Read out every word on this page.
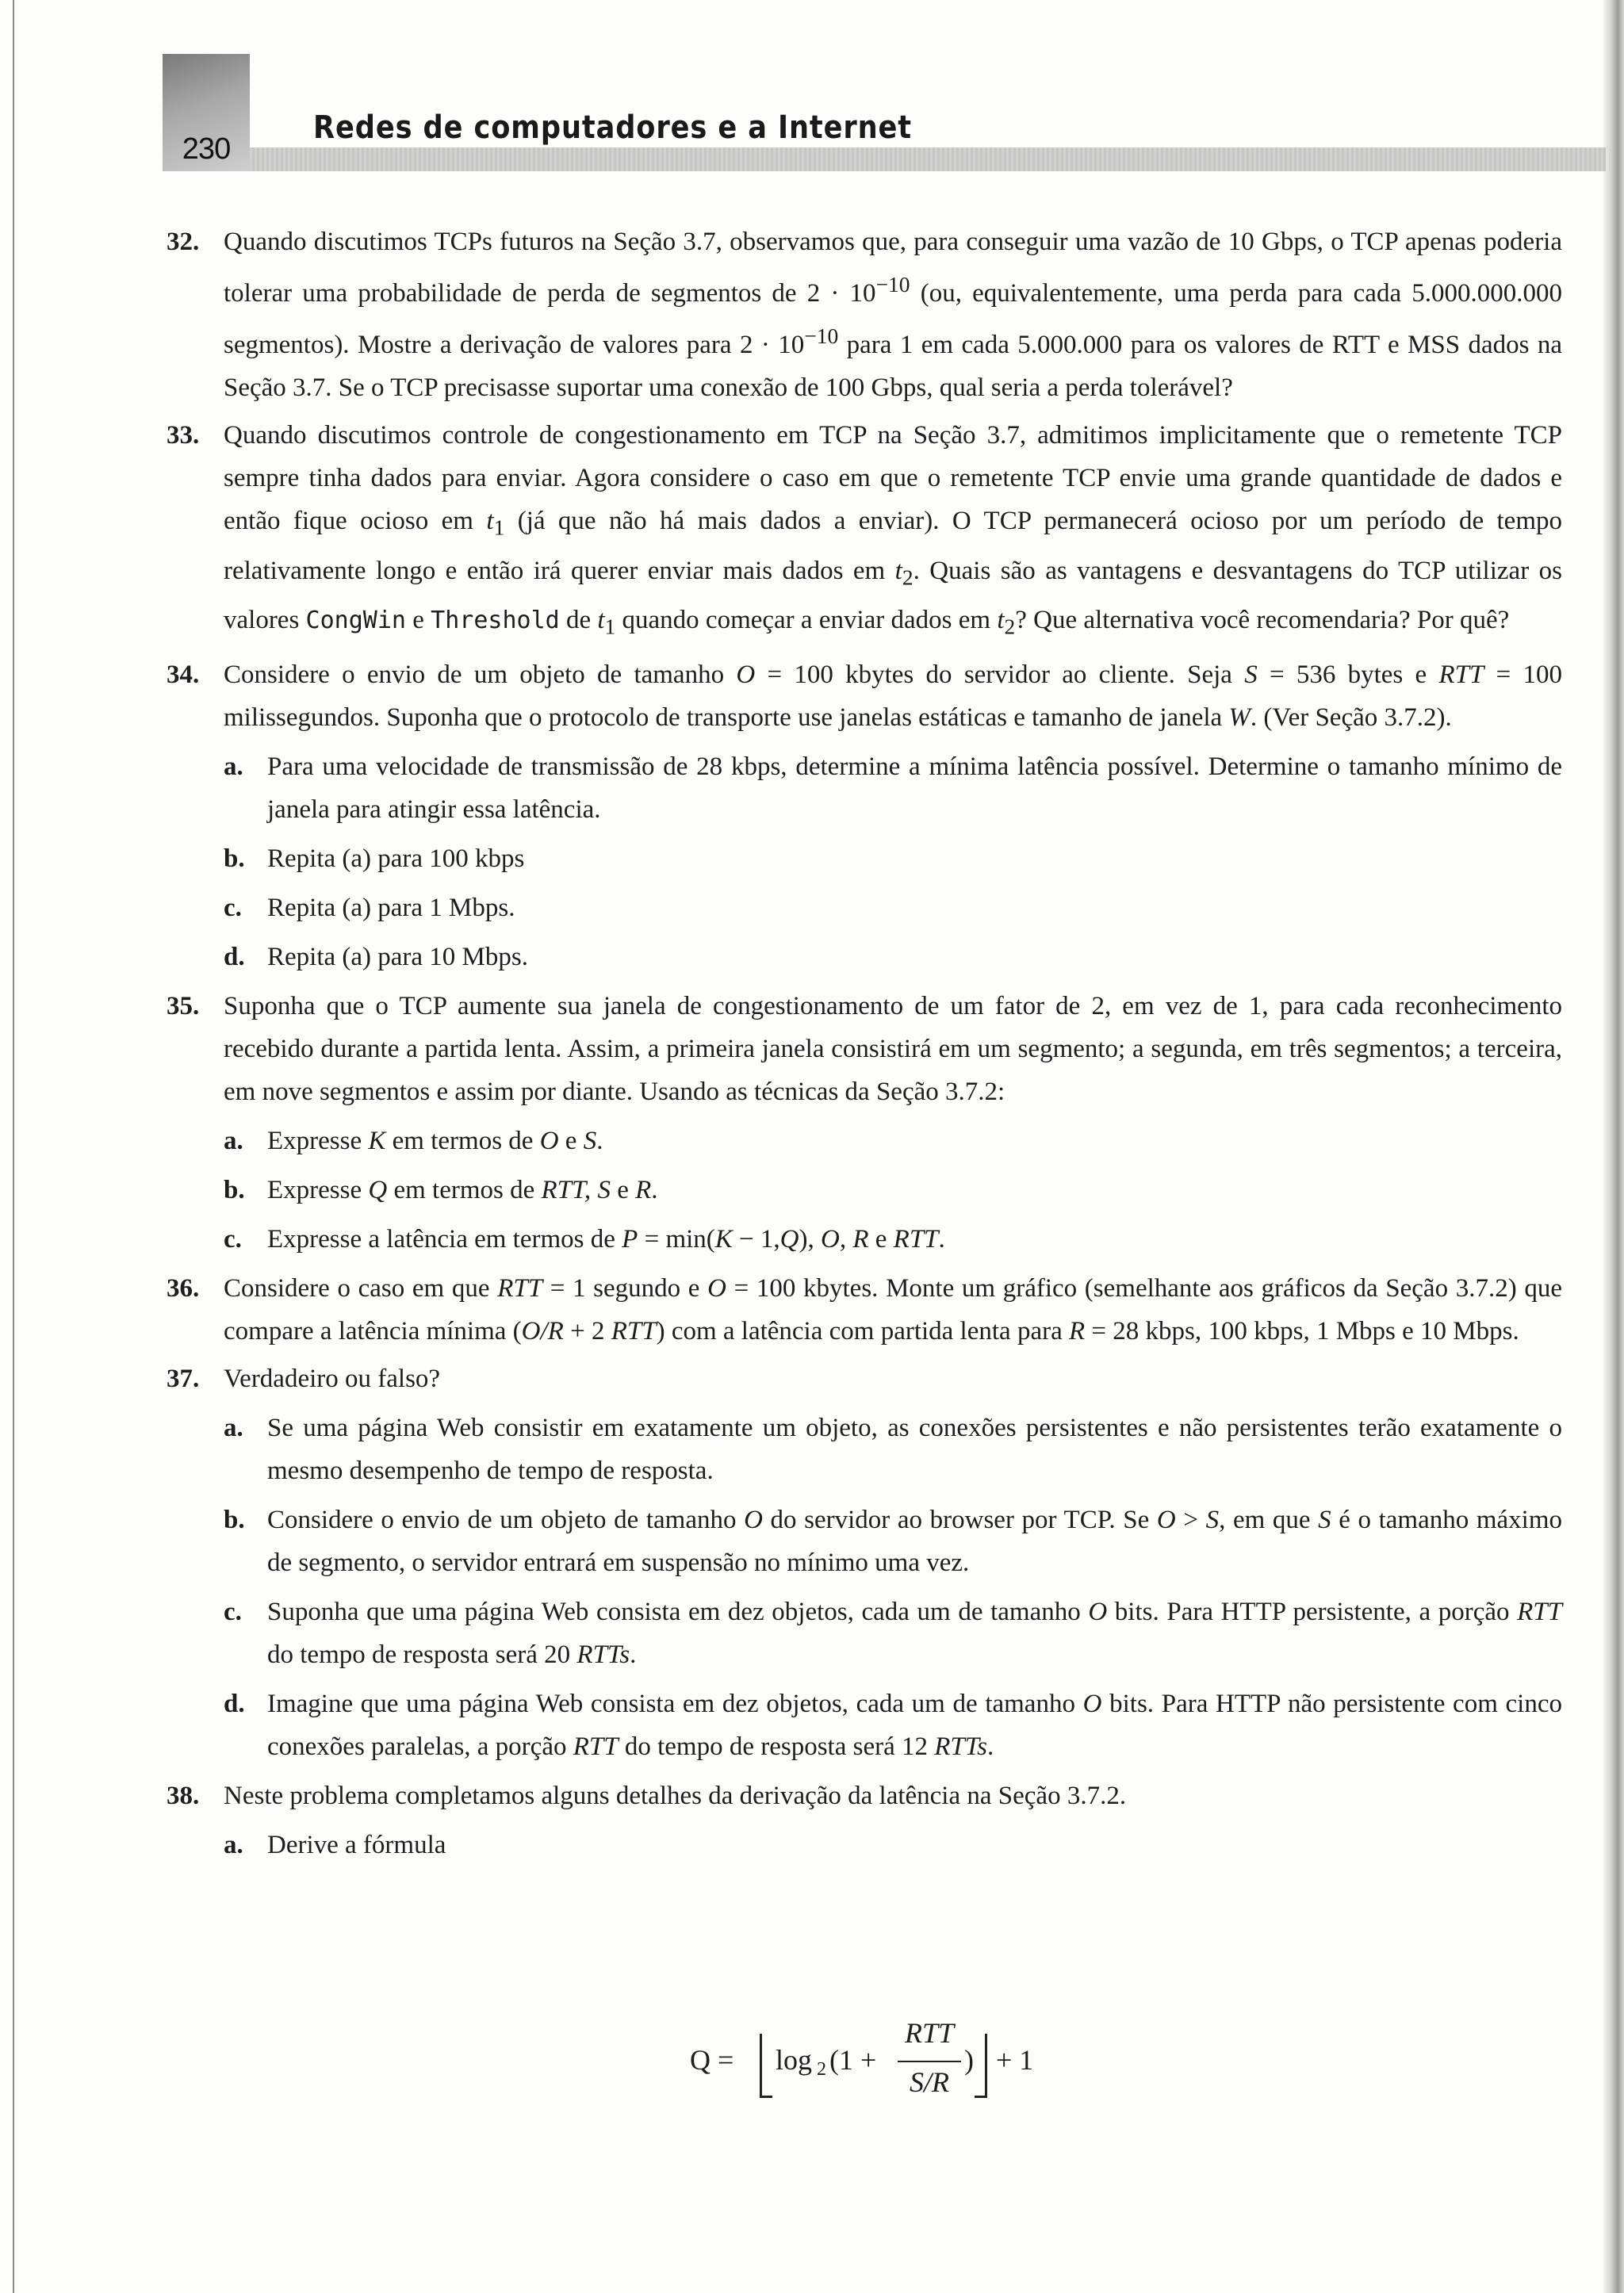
230
Redes de computadores e a Internet
32. Quando discutimos TCPs futuros na Seção 3.7, observamos que, para conseguir uma vazão de 10 Gbps, o TCP apenas poderia tolerar uma probabilidade de perda de segmentos de $2 \cdot 10^{-10}$ (ou, equivalentemente, uma perda para cada 5.000.000.000 segmentos). Mostre a derivação de valores para $2 \cdot 10^{-10}$ para 1 em cada 5.000.000 para os valores de RTT e MSS dados na Seção 3.7. Se o TCP precisasse suportar uma conexão de 100 Gbps, qual seria a perda tolerável?
33. Quando discutimos controle de congestionamento em TCP na Seção 3.7, admitimos implicitamente que o remetente TCP sempre tinha dados para enviar. Agora considere o caso em que o remetente TCP envie uma grande quantidade de dados e então fique ocioso em $t_1$ (já que não há mais dados a enviar). O TCP permanecerá ocioso por um período de tempo relativamente longo e então irá querer enviar mais dados em $t_2$. Quais são as vantagens e desvantagens do TCP utilizar os valores CongWin e Threshold de $t_1$ quando começar a enviar dados em $t_2$? Que alternativa você recomendaria? Por quê?
34. Considere o envio de um objeto de tamanho O = 100 kbytes do servidor ao cliente. Seja S = 536 bytes e RTT = 100 milissegundos. Suponha que o protocolo de transporte use janelas estáticas e tamanho de janela W. (Ver Seção 3.7.2).
a. Para uma velocidade de transmissão de 28 kbps, determine a mínima latência possível. Determine o tamanho mínimo de janela para atingir essa latência.
b. Repita (a) para 100 kbps
c. Repita (a) para 1 Mbps.
d. Repita (a) para 10 Mbps.
35. Suponha que o TCP aumente sua janela de congestionamento de um fator de 2, em vez de 1, para cada reconhecimento recebido durante a partida lenta. Assim, a primeira janela consistirá em um segmento; a segunda, em três segmentos; a terceira, em nove segmentos e assim por diante. Usando as técnicas da Seção 3.7.2:
a. Expresse K em termos de O e S.
b. Expresse Q em termos de RTT, S e R.
c. Expresse a latência em termos de P = min(K − 1,Q), O, R e RTT.
36. Considere o caso em que RTT = 1 segundo e O = 100 kbytes. Monte um gráfico (semelhante aos gráficos da Seção 3.7.2) que compare a latência mínima (O/R + 2 RTT) com a latência com partida lenta para R = 28 kbps, 100 kbps, 1 Mbps e 10 Mbps.
37. Verdadeiro ou falso?
a. Se uma página Web consistir em exatamente um objeto, as conexões persistentes e não persistentes terão exatamente o mesmo desempenho de tempo de resposta.
b. Considere o envio de um objeto de tamanho O do servidor ao browser por TCP. Se O > S, em que S é o tamanho máximo de segmento, o servidor entrará em suspensão no mínimo uma vez.
c. Suponha que uma página Web consista em dez objetos, cada um de tamanho O bits. Para HTTP persistente, a porção RTT do tempo de resposta será 20 RTTs.
d. Imagine que uma página Web consista em dez objetos, cada um de tamanho O bits. Para HTTP não persistente com cinco conexões paralelas, a porção RTT do tempo de resposta será 12 RTTs.
38. Neste problema completamos alguns detalhes da derivação da latência na Seção 3.7.2.
a. Derive a fórmula
Q = log 2 (1 +
RTT
S/R
) + 1
